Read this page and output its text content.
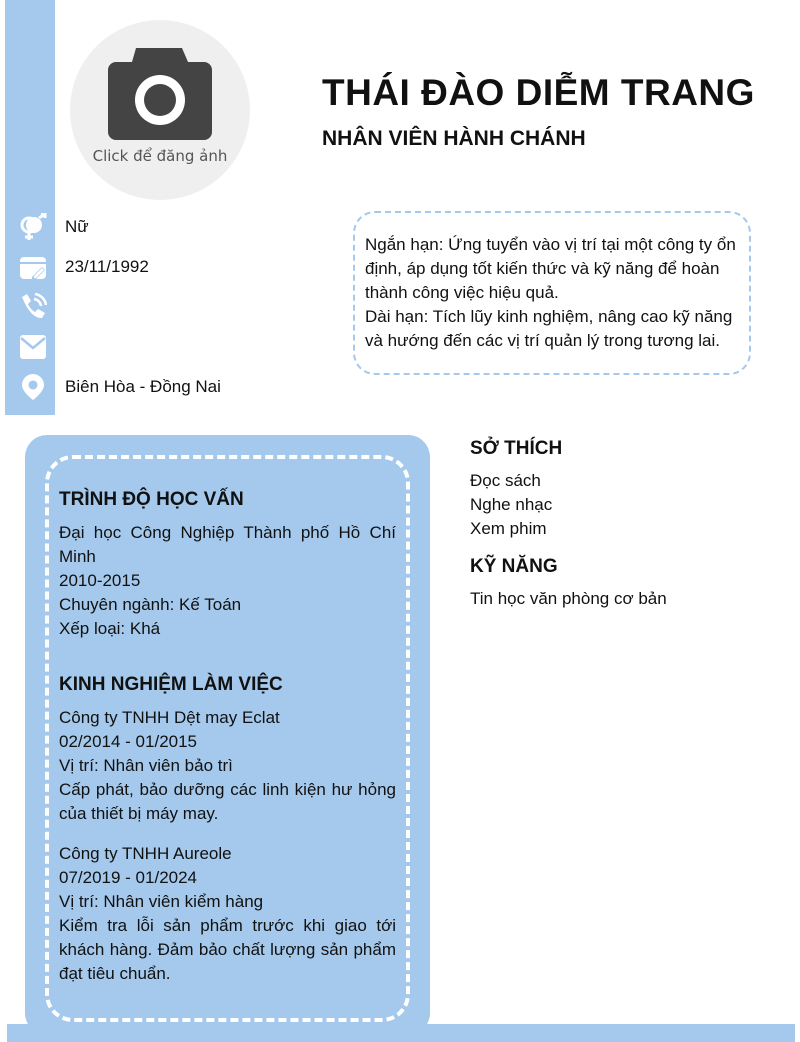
Click để đăng ảnh
THÁI ĐÀO DIỄM TRANG
NHÂN VIÊN HÀNH CHÁNH
Nữ
23/11/1992
Biên Hòa - Đồng Nai
Ngắn hạn: Ứng tuyển vào vị trí tại một công ty ổn định, áp dụng tốt kiến thức và kỹ năng để hoàn thành công việc hiệu quả.
Dài hạn: Tích lũy kinh nghiệm, nâng cao kỹ năng và hướng đến các vị trí quản lý trong tương lai.
TRÌNH ĐỘ HỌC VẤN
Đại học Công Nghiệp Thành phố Hồ Chí Minh
2010-2015
Chuyên ngành: Kế Toán
Xếp loại: Khá
KINH NGHIỆM LÀM VIỆC
Công ty TNHH Dệt may Eclat
02/2014 - 01/2015
Vị trí: Nhân viên bảo trì
Cấp phát, bảo dưỡng các linh kiện hư hỏng của thiết bị máy may.
Công ty TNHH Aureole
07/2019 - 01/2024
Vị trí: Nhân viên kiểm hàng
Kiểm tra lỗi sản phẩm trước khi giao tới khách hàng. Đảm bảo chất lượng sản phẩm đạt tiêu chuẩn.
SỞ THÍCH
Đọc sách
Nghe nhạc
Xem phim
KỸ NĂNG
Tin học văn phòng cơ bản
